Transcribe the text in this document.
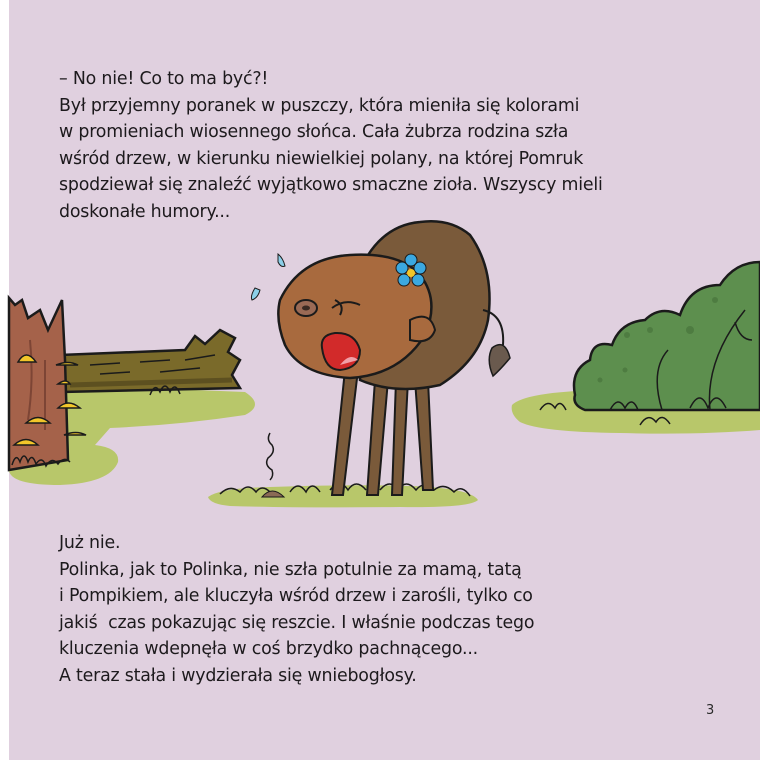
– No nie! Co to ma być?!
Był przyjemny poranek w puszczy, która mieniła się kolorami
w promieniach wiosennego słońca. Cała żubrza rodzina szła
wśród drzew, w kierunku niewielkiej polany, na której Pomruk
spodziewał się znaleźć wyjątkowo smaczne zioła. Wszyscy mieli
doskonałe humory...
Już nie.
Polinka, jak to Polinka, nie szła potulnie za mamą, tatą
i Pompikiem, ale kluczyła wśród drzew i zarośli, tylko co
jakiś  czas pokazując się reszcie. I właśnie podczas tego
kluczenia wdepnęła w coś brzydko pachnącego...
A teraz stała i wydzierała się wniebogłosy.
3
